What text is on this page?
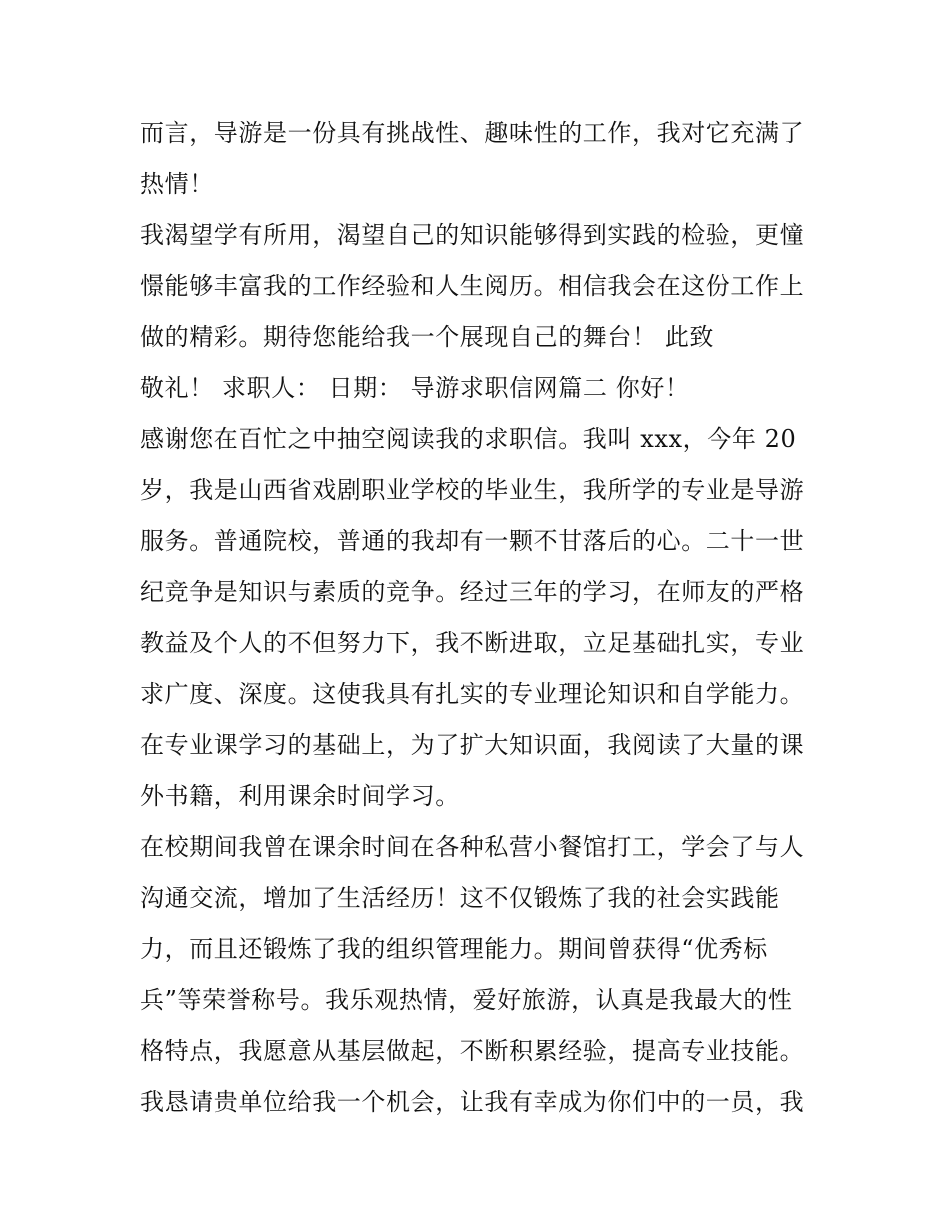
而言，导游是一份具有挑战性、趣味性的工作，我对它充满了
热情！
我渴望学有所用，渴望自己的知识能够得到实践的检验，更憧
憬能够丰富我的工作经验和人生阅历。相信我会在这份工作上
做的精彩。期待您能给我一个展现自己的舞台！ 此致
敬礼！ 求职人： 日期： 导游求职信网篇二 你好！
感谢您在百忙之中抽空阅读我的求职信。我叫 xxx，今年 20
岁，我是山西省戏剧职业学校的毕业生，我所学的专业是导游
服务。普通院校，普通的我却有一颗不甘落后的心。二十一世
纪竞争是知识与素质的竞争。经过三年的学习，在师友的严格
教益及个人的不但努力下，我不断进取，立足基础扎实，专业
求广度、深度。这使我具有扎实的专业理论知识和自学能力。
在专业课学习的基础上，为了扩大知识面，我阅读了大量的课
外书籍，利用课余时间学习。
在校期间我曾在课余时间在各种私营小餐馆打工，学会了与人
沟通交流，增加了生活经历！这不仅锻炼了我的社会实践能
力，而且还锻炼了我的组织管理能力。期间曾获得“优秀标
兵”等荣誉称号。我乐观热情，爱好旅游，认真是我最大的性
格特点，我愿意从基层做起，不断积累经验，提高专业技能。
我恳请贵单位给我一个机会，让我有幸成为你们中的一员，我
